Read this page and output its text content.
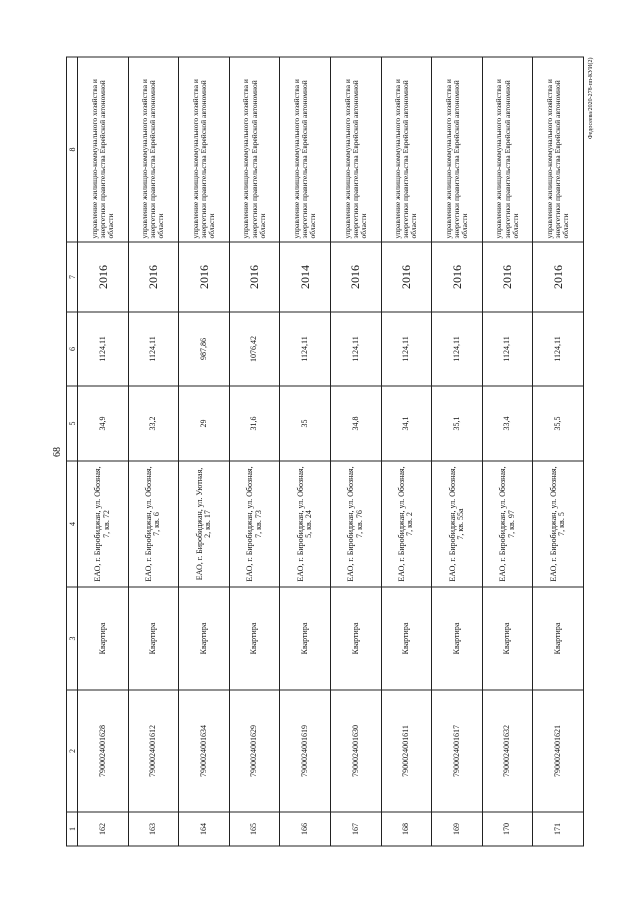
68
1	2	3	4	5	6	7	8
162	7900024001628	Квартира	ЕАО, г. Биробиджан, ул. Обозная, 7, кв. 72	34,9	1124,11	2016	управление жилищно-коммунального хозяйства и энергетики правительства Еврейской автономной области
163	7900024001612	Квартира	ЕАО, г. Биробиджан, ул. Обозная, 7, кв. 6	33,2	1124,11	2016	управление жилищно-коммунального хозяйства и энергетики правительства Еврейской автономной области
164	7900024001634	Квартира	ЕАО, г. Биробиджан, ул. Уютная, 2, кв. 17	29	987,86	2016	управление жилищно-коммунального хозяйства и энергетики правительства Еврейской автономной области
165	7900024001629	Квартира	ЕАО, г. Биробиджан, ул. Обозная, 7, кв. 73	31,6	1076,42	2016	управление жилищно-коммунального хозяйства и энергетики правительства Еврейской автономной области
166	7900024001619	Квартира	ЕАО, г. Биробиджан, ул. Обозная, 5, кв. 24	35	1124,11	2014	управление жилищно-коммунального хозяйства и энергетики правительства Еврейской автономной области
167	7900024001630	Квартира	ЕАО, г. Биробиджан, ул. Обозная, 7, кв. 76	34,8	1124,11	2016	управление жилищно-коммунального хозяйства и энергетики правительства Еврейской автономной области
168	7900024001611	Квартира	ЕАО, г. Биробиджан, ул. Обозная, 7, кв. 2	34,1	1124,11	2016	управление жилищно-коммунального хозяйства и энергетики правительства Еврейской автономной области
169	7900024001617	Квартира	ЕАО, г. Биробиджан, ул. Обозная, 7, кв. 55а	35,1	1124,11	2016	управление жилищно-коммунального хозяйства и энергетики правительства Еврейской автономной области
170	7900024001632	Квартира	ЕАО, г. Биробиджан, ул. Обозная, 7, кв. 97	33,4	1124,11	2016	управление жилищно-коммунального хозяйства и энергетики правительства Еврейской автономной области
171	7900024001621	Квартира	ЕАО, г. Биробиджан, ул. Обозная, 7, кв. 5	35,5	1124,11	2016	управление жилищно-коммунального хозяйства и энергетики правительства Еврейской автономной области
Федосеева/2020-278-пп-КУИ(2)
